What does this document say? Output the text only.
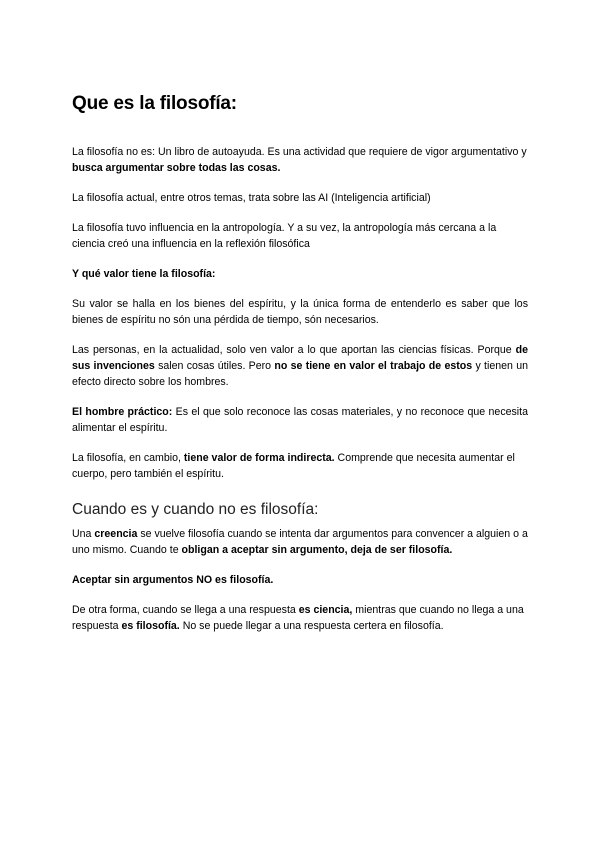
Que es la filosofía:

La filosofía no es: Un libro de autoayuda. Es una actividad que requiere de vigor argumentativo y busca argumentar sobre todas las cosas.

La filosofía actual, entre otros temas, trata sobre las AI (Inteligencia artificial)

La filosofía tuvo influencia en la antropología. Y a su vez, la antropología más cercana a la ciencia creó una influencia en la reflexión filosófica

Y qué valor tiene la filosofía:

Su valor se halla en los bienes del espíritu, y la única forma de entenderlo es saber que los bienes de espíritu no són una pérdida de tiempo, són necesarios.

Las personas, en la actualidad, solo ven valor a lo que aportan las ciencias físicas. Porque de sus invenciones salen cosas útiles. Pero no se tiene en valor el trabajo de estos y tienen un efecto directo sobre los hombres.

El hombre práctico: Es el que solo reconoce las cosas materiales, y no reconoce que necesita alimentar el espíritu.

La filosofía, en cambio, tiene valor de forma indirecta. Comprende que necesita aumentar el cuerpo, pero también el espíritu.

Cuando es y cuando no es filosofía:

Una creencia se vuelve filosofía cuando se intenta dar argumentos para convencer a alguien o a uno mismo. Cuando te obligan a aceptar sin argumento, deja de ser filosofía.

Aceptar sin argumentos NO es filosofía.

De otra forma, cuando se llega a una respuesta es ciencia, mientras que cuando no llega a una respuesta es filosofía. No se puede llegar a una respuesta certera en filosofía.
